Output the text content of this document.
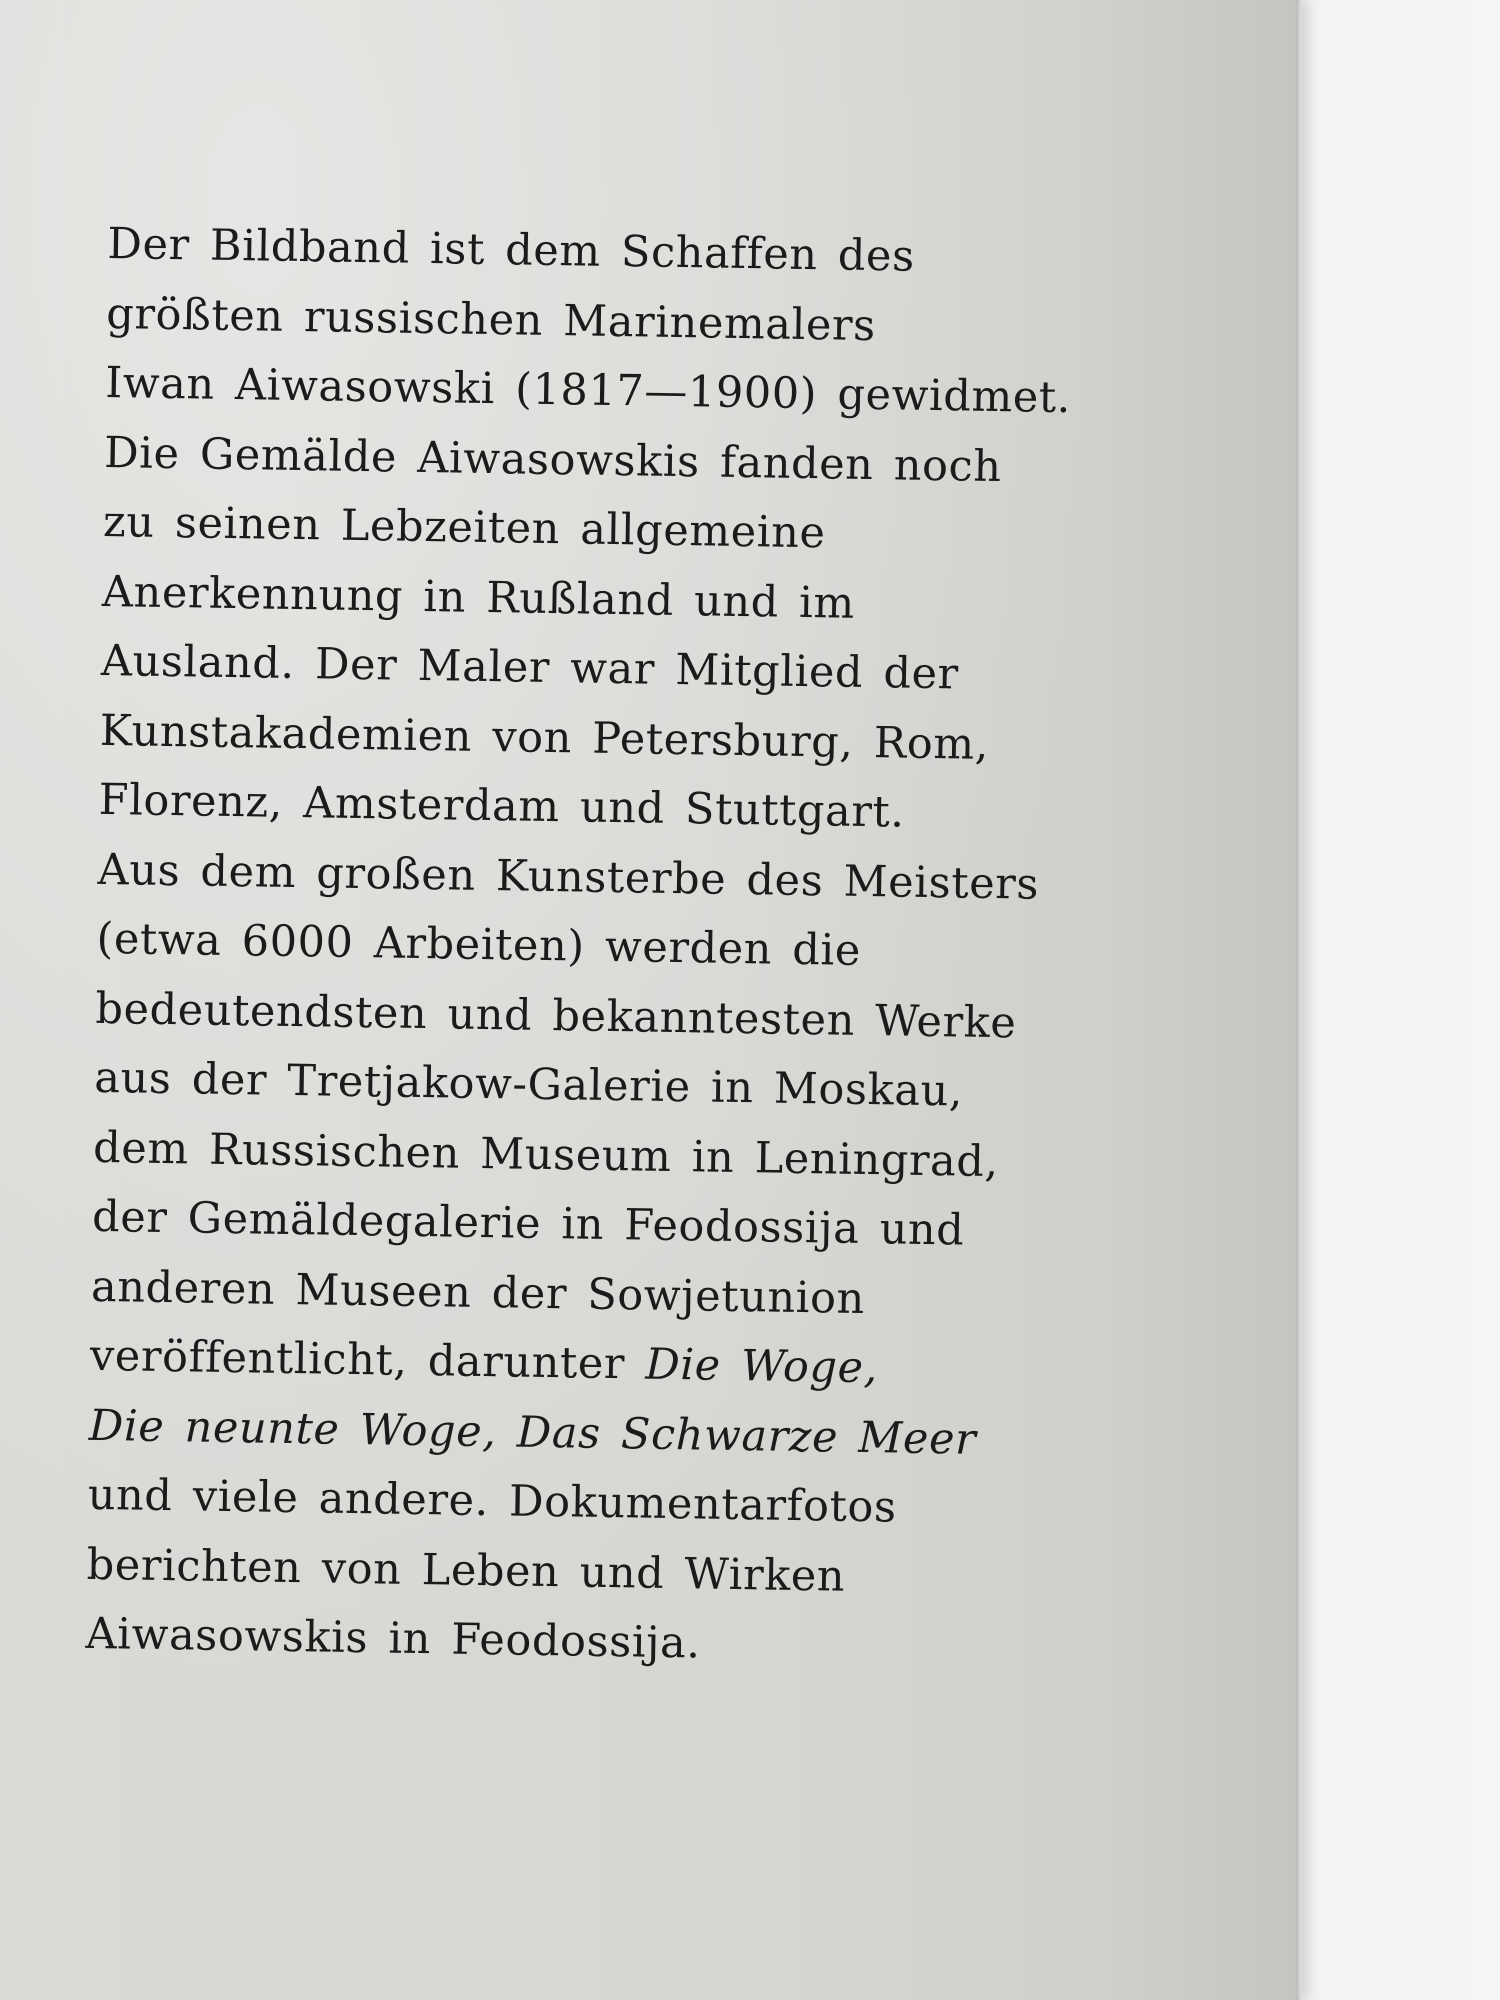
Der Bildband ist dem Schaffen des
größten russischen Marinemalers
Iwan Aiwasowski (1817—1900) gewidmet.
Die Gemälde Aiwasowskis fanden noch
zu seinen Lebzeiten allgemeine
Anerkennung in Rußland und im
Ausland. Der Maler war Mitglied der
Kunstakademien von Petersburg, Rom,
Florenz, Amsterdam und Stuttgart.
Aus dem großen Kunsterbe des Meisters
(etwa 6000 Arbeiten) werden die
bedeutendsten und bekanntesten Werke
aus der Tretjakow-Galerie in Moskau,
dem Russischen Museum in Leningrad,
der Gemäldegalerie in Feodossija und
anderen Museen der Sowjetunion
veröffentlicht, darunter Die Woge,
Die neunte Woge, Das Schwarze Meer
und viele andere. Dokumentarfotos
berichten von Leben und Wirken
Aiwasowskis in Feodossija.
